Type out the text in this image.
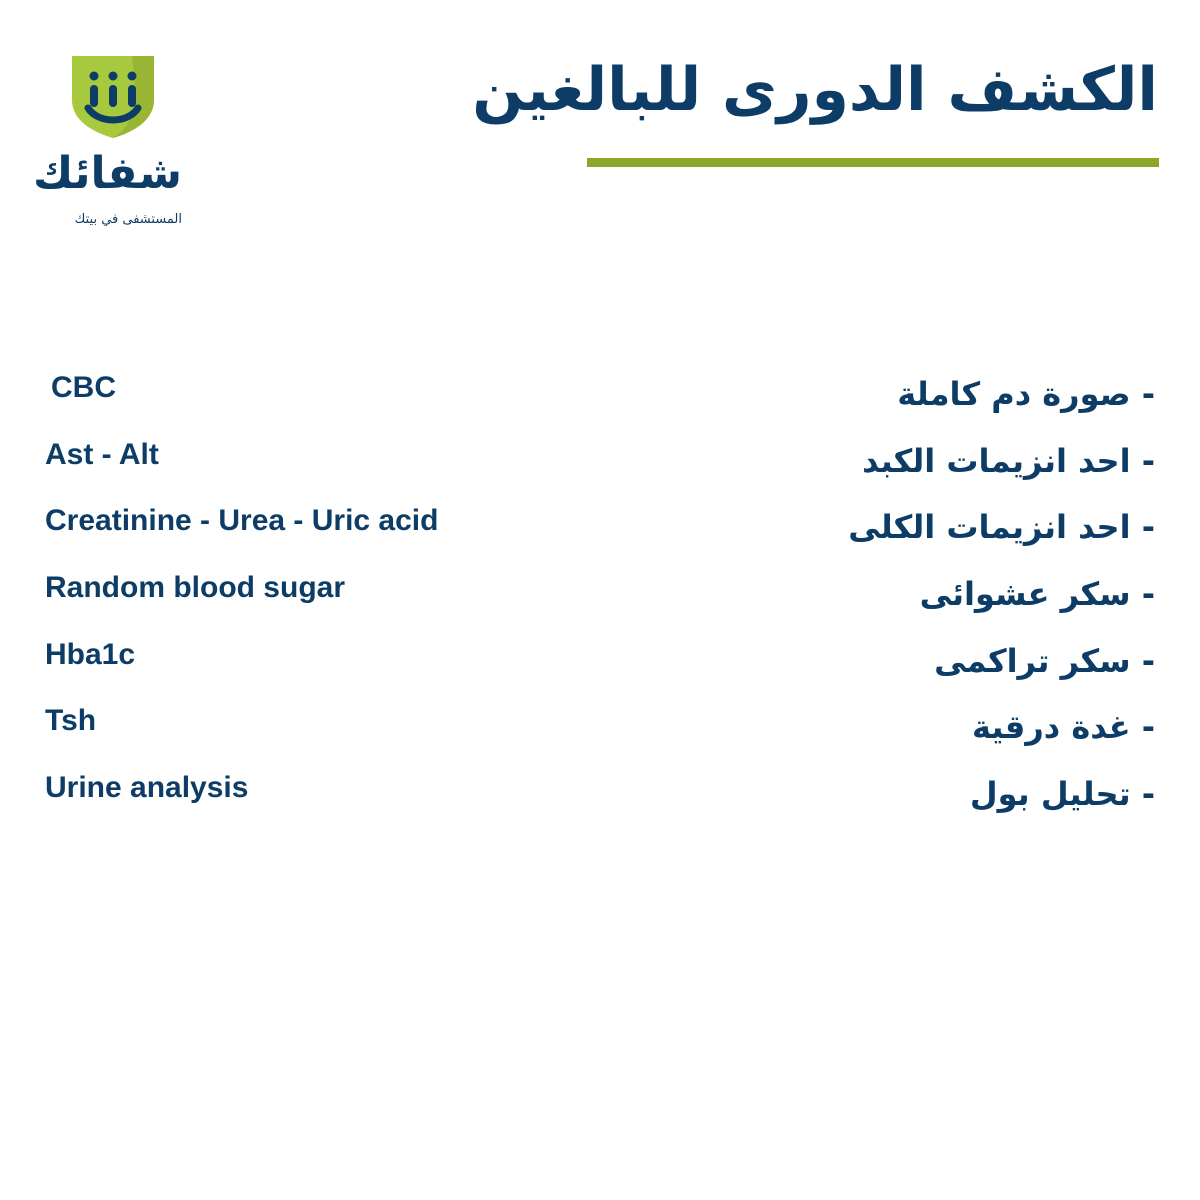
شفائك
المستشفى في بيتك
الكشف الدورى للبالغين
CBC
Ast - Alt
Creatinine - Urea - Uric acid
Random blood sugar
Hba1c
Tsh
Urine analysis
- صورة دم كاملة
- احد انزيمات الكبد
- احد انزيمات الكلى
- سكر عشوائى
- سكر تراكمى
- غدة درقية
- تحليل بول
